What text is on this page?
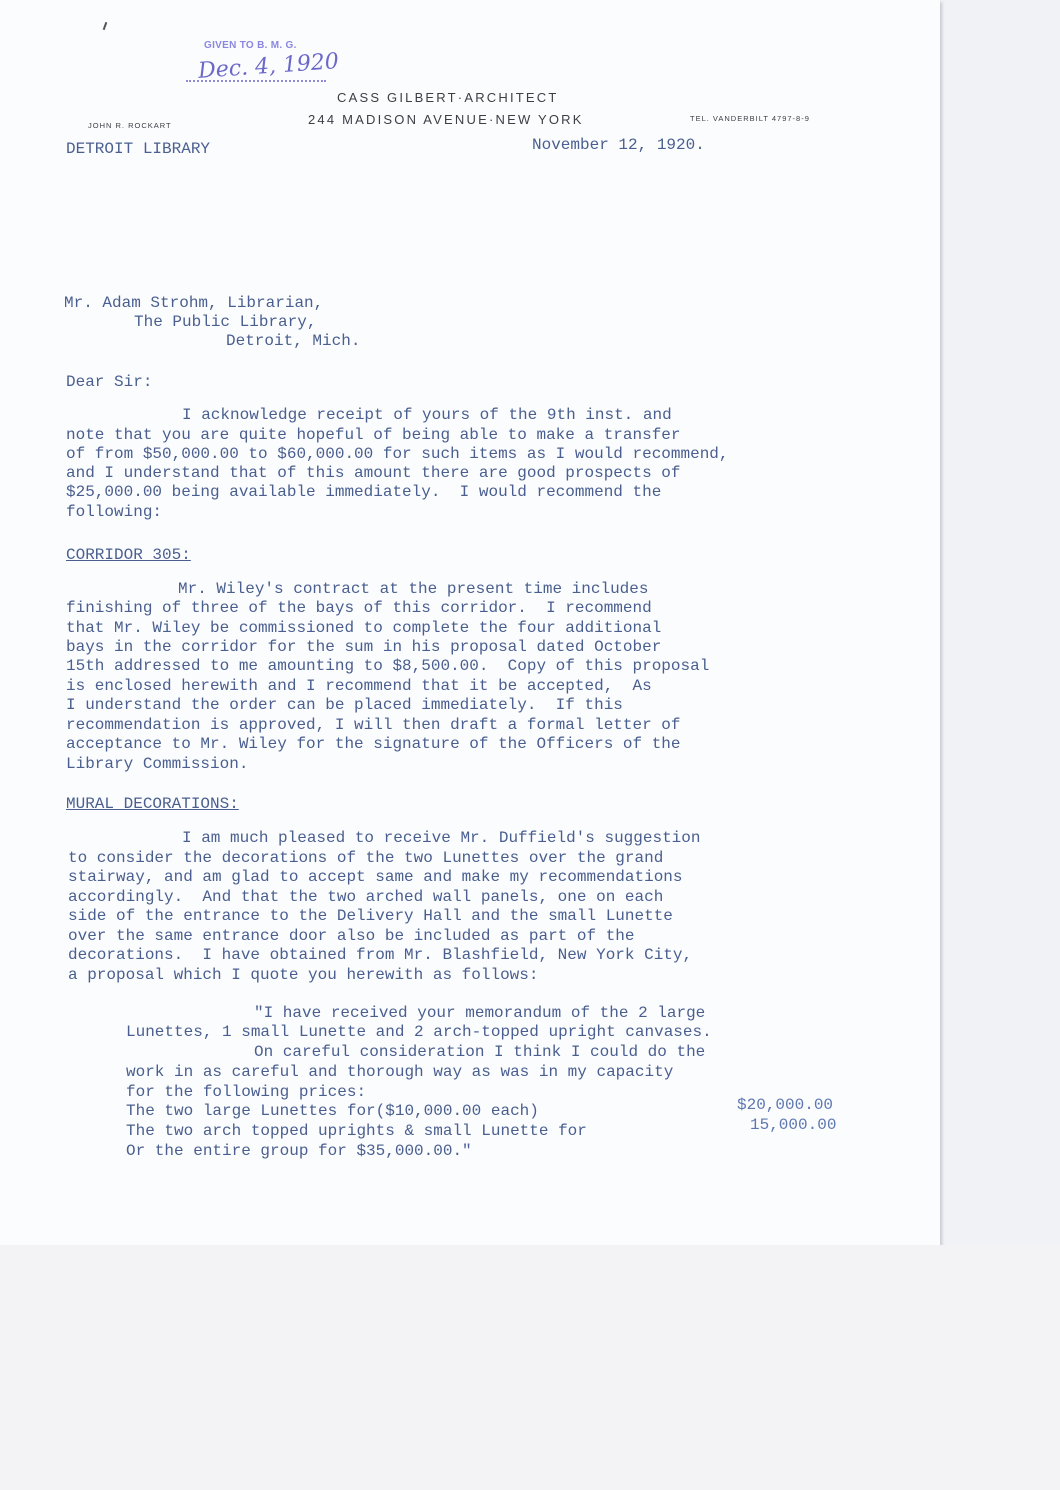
GIVEN TO B. M. G.
Dec. 4, 1920
CASS GILBERT·ARCHITECT
244 MADISON AVENUE·NEW YORK
JOHN R. ROCKART
TEL. VANDERBILT 4797-8-9
DETROIT LIBRARY	November 12, 1920.
Mr. Adam Strohm, Librarian,
The Public Library,
Detroit, Mich.
Dear Sir:
I acknowledge receipt of yours of the 9th inst. and
note that you are quite hopeful of being able to make a transfer
of from $50,000.00 to $60,000.00 for such items as I would recommend,
and I understand that of this amount there are good prospects of
$25,000.00 being available immediately.  I would recommend the
following:
CORRIDOR 305:
Mr. Wiley's contract at the present time includes
finishing of three of the bays of this corridor.  I recommend
that Mr. Wiley be commissioned to complete the four additional
bays in the corridor for the sum in his proposal dated October
15th addressed to me amounting to $8,500.00.  Copy of this proposal
is enclosed herewith and I recommend that it be accepted,  As
I understand the order can be placed immediately.  If this
recommendation is approved, I will then draft a formal letter of
acceptance to Mr. Wiley for the signature of the Officers of the
Library Commission.
MURAL DECORATIONS:
I am much pleased to receive Mr. Duffield's suggestion
to consider the decorations of the two Lunettes over the grand
stairway, and am glad to accept same and make my recommendations
accordingly.  And that the two arched wall panels, one on each
side of the entrance to the Delivery Hall and the small Lunette
over the same entrance door also be included as part of the
decorations.  I have obtained from Mr. Blashfield, New York City,
a proposal which I quote you herewith as follows:
"I have received your memorandum of the 2 large
Lunettes, 1 small Lunette and 2 arch-topped upright canvases.
On careful consideration I think I could do the
work in as careful and thorough way as was in my capacity
for the following prices:
The two large Lunettes for($10,000.00 each)
The two arch topped uprights & small Lunette for
Or the entire group for $35,000.00."
$20,000.00
15,000.00
